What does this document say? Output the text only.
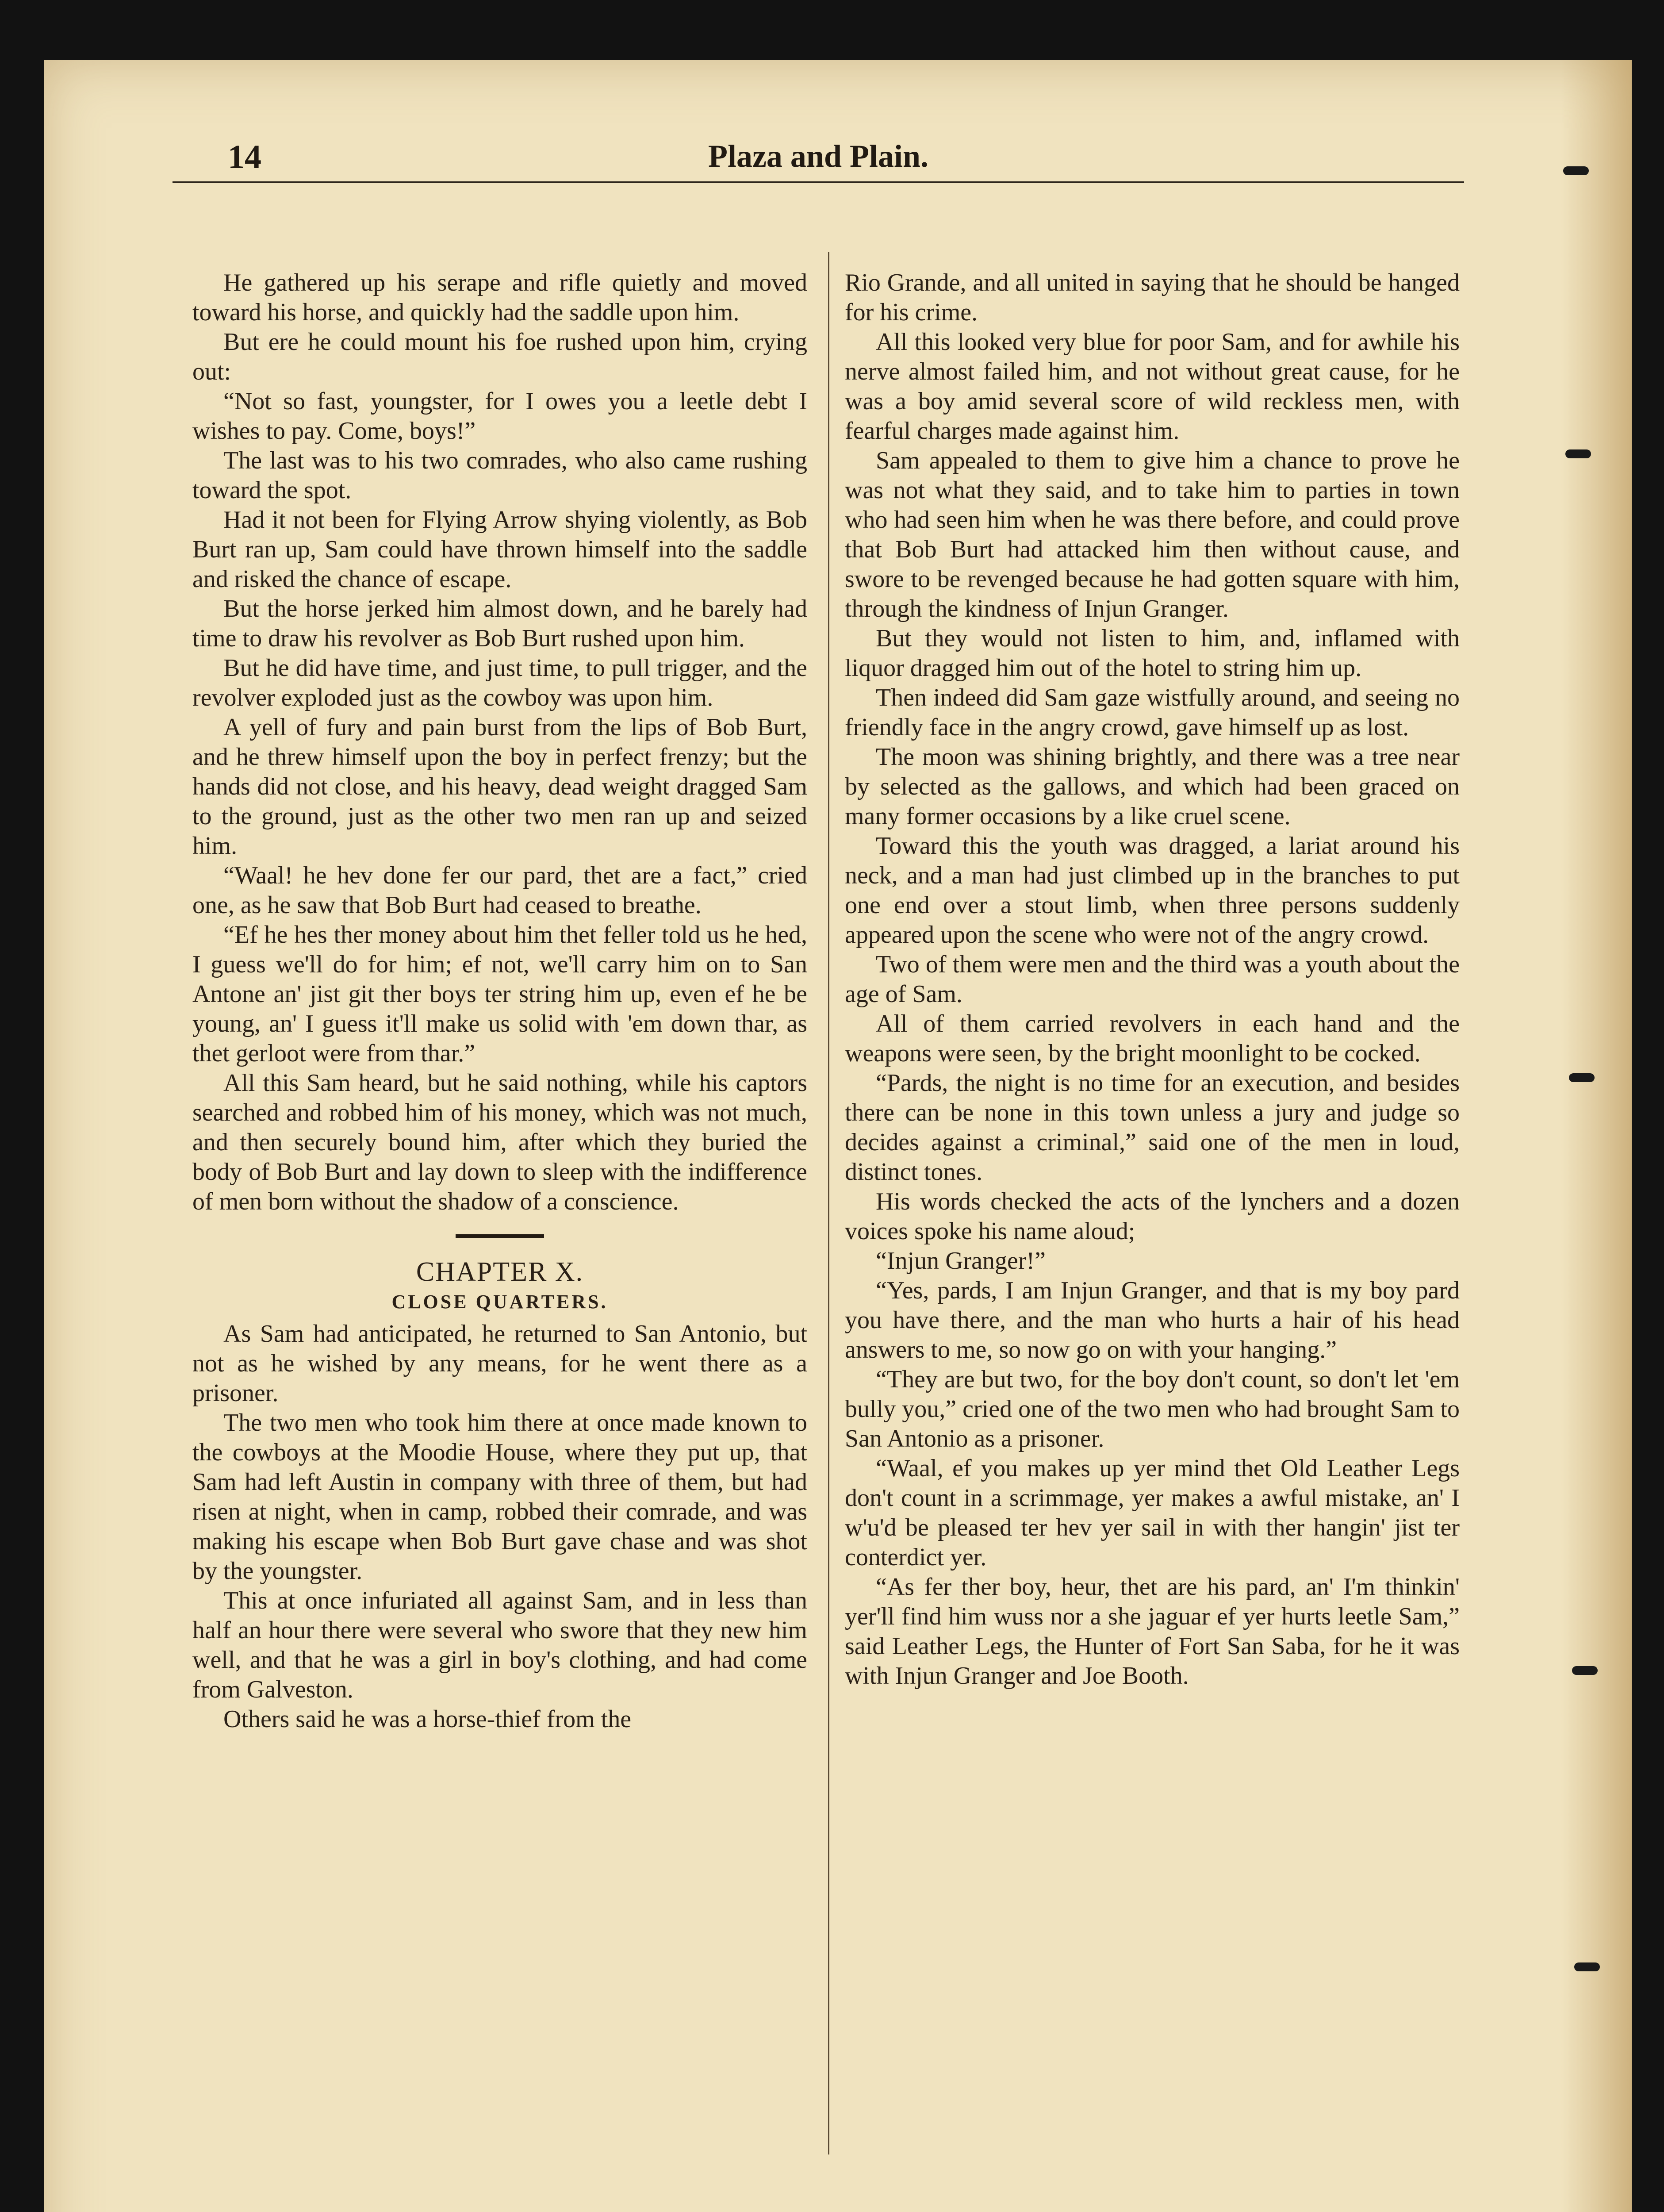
14	Plaza and Plain.

He gathered up his serape and rifle quietly and moved toward his horse, and quickly had the saddle upon him.

But ere he could mount his foe rushed upon him, crying out:

“Not so fast, youngster, for I owes you a leetle debt I wishes to pay. Come, boys!”

The last was to his two comrades, who also came rushing toward the spot.

Had it not been for Flying Arrow shying violently, as Bob Burt ran up, Sam could have thrown himself into the saddle and risked the chance of escape.

But the horse jerked him almost down, and he barely had time to draw his revolver as Bob Burt rushed upon him.

But he did have time, and just time, to pull trigger, and the revolver exploded just as the cowboy was upon him.

A yell of fury and pain burst from the lips of Bob Burt, and he threw himself upon the boy in perfect frenzy; but the hands did not close, and his heavy, dead weight dragged Sam to the ground, just as the other two men ran up and seized him.

“Waal! he hev done fer our pard, thet are a fact,” cried one, as he saw that Bob Burt had ceased to breathe.

“Ef he hes ther money about him thet feller told us he hed, I guess we'll do for him; ef not, we'll carry him on to San Antone an' jist git ther boys ter string him up, even ef he be young, an' I guess it'll make us solid with 'em down thar, as thet gerloot were from thar.”

All this Sam heard, but he said nothing, while his captors searched and robbed him of his money, which was not much, and then securely bound him, after which they buried the body of Bob Burt and lay down to sleep with the indifference of men born without the shadow of a conscience.

CHAPTER X.

CLOSE QUARTERS.

As Sam had anticipated, he returned to San Antonio, but not as he wished by any means, for he went there as a prisoner.

The two men who took him there at once made known to the cowboys at the Moodie House, where they put up, that Sam had left Austin in company with three of them, but had risen at night, when in camp, robbed their comrade, and was making his escape when Bob Burt gave chase and was shot by the youngster.

This at once infuriated all against Sam, and in less than half an hour there were several who swore that they new him well, and that he was a girl in boy's clothing, and had come from Galveston.

Others said he was a horse-thief from the

Rio Grande, and all united in saying that he should be hanged for his crime.

All this looked very blue for poor Sam, and for awhile his nerve almost failed him, and not without great cause, for he was a boy amid several score of wild reckless men, with fearful charges made against him.

Sam appealed to them to give him a chance to prove he was not what they said, and to take him to parties in town who had seen him when he was there before, and could prove that Bob Burt had attacked him then without cause, and swore to be revenged because he had gotten square with him, through the kindness of Injun Granger.

But they would not listen to him, and, inflamed with liquor dragged him out of the hotel to string him up.

Then indeed did Sam gaze wistfully around, and seeing no friendly face in the angry crowd, gave himself up as lost.

The moon was shining brightly, and there was a tree near by selected as the gallows, and which had been graced on many former occasions by a like cruel scene.

Toward this the youth was dragged, a lariat around his neck, and a man had just climbed up in the branches to put one end over a stout limb, when three persons suddenly appeared upon the scene who were not of the angry crowd.

Two of them were men and the third was a youth about the age of Sam.

All of them carried revolvers in each hand and the weapons were seen, by the bright moonlight to be cocked.

“Pards, the night is no time for an execution, and besides there can be none in this town unless a jury and judge so decides against a criminal,” said one of the men in loud, distinct tones.

His words checked the acts of the lynchers and a dozen voices spoke his name aloud;

“Injun Granger!”

“Yes, pards, I am Injun Granger, and that is my boy pard you have there, and the man who hurts a hair of his head answers to me, so now go on with your hanging.”

“They are but two, for the boy don't count, so don't let 'em bully you,” cried one of the two men who had brought Sam to San Antonio as a prisoner.

“Waal, ef you makes up yer mind thet Old Leather Legs don't count in a scrimmage, yer makes a awful mistake, an' I w'u'd be pleased ter hev yer sail in with ther hangin' jist ter conterdict yer.

“As fer ther boy, heur, thet are his pard, an' I'm thinkin' yer'll find him wuss nor a she jaguar ef yer hurts leetle Sam,” said Leather Legs, the Hunter of Fort San Saba, for he it was with Injun Granger and Joe Booth.
